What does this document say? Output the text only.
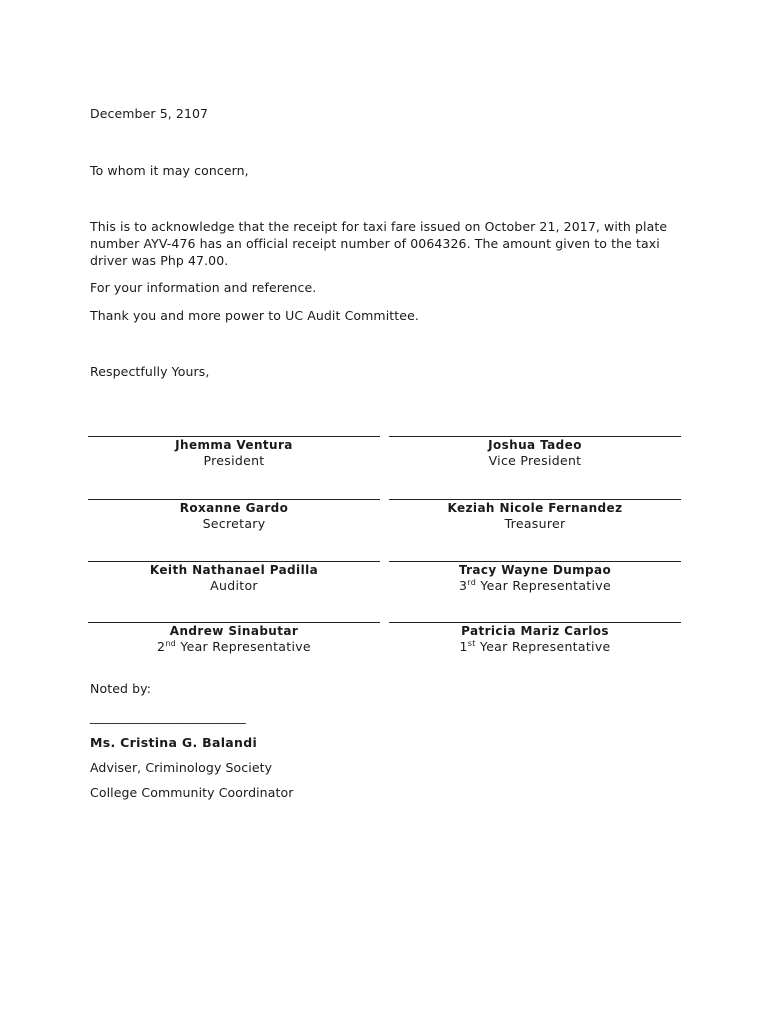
December 5, 2107

To whom it may concern,

This is to acknowledge that the receipt for taxi fare issued on October 21, 2017, with plate number AYV-476 has an official receipt number of 0064326. The amount given to the taxi driver was Php 47.00.

For your information and reference.

Thank you and more power to UC Audit Committee.

Respectfully Yours,

Jhemma Ventura
President
Joshua Tadeo
Vice President
Roxanne Gardo
Secretary
Keziah Nicole Fernandez
Treasurer
Keith Nathanael Padilla
Auditor
Tracy Wayne Dumpao
3rd Year Representative
Andrew Sinabutar
2nd Year Representative
Patricia Mariz Carlos
1st Year Representative

Noted by:

___________________________

Ms. Cristina G. Balandi

Adviser, Criminology Society

College Community Coordinator
